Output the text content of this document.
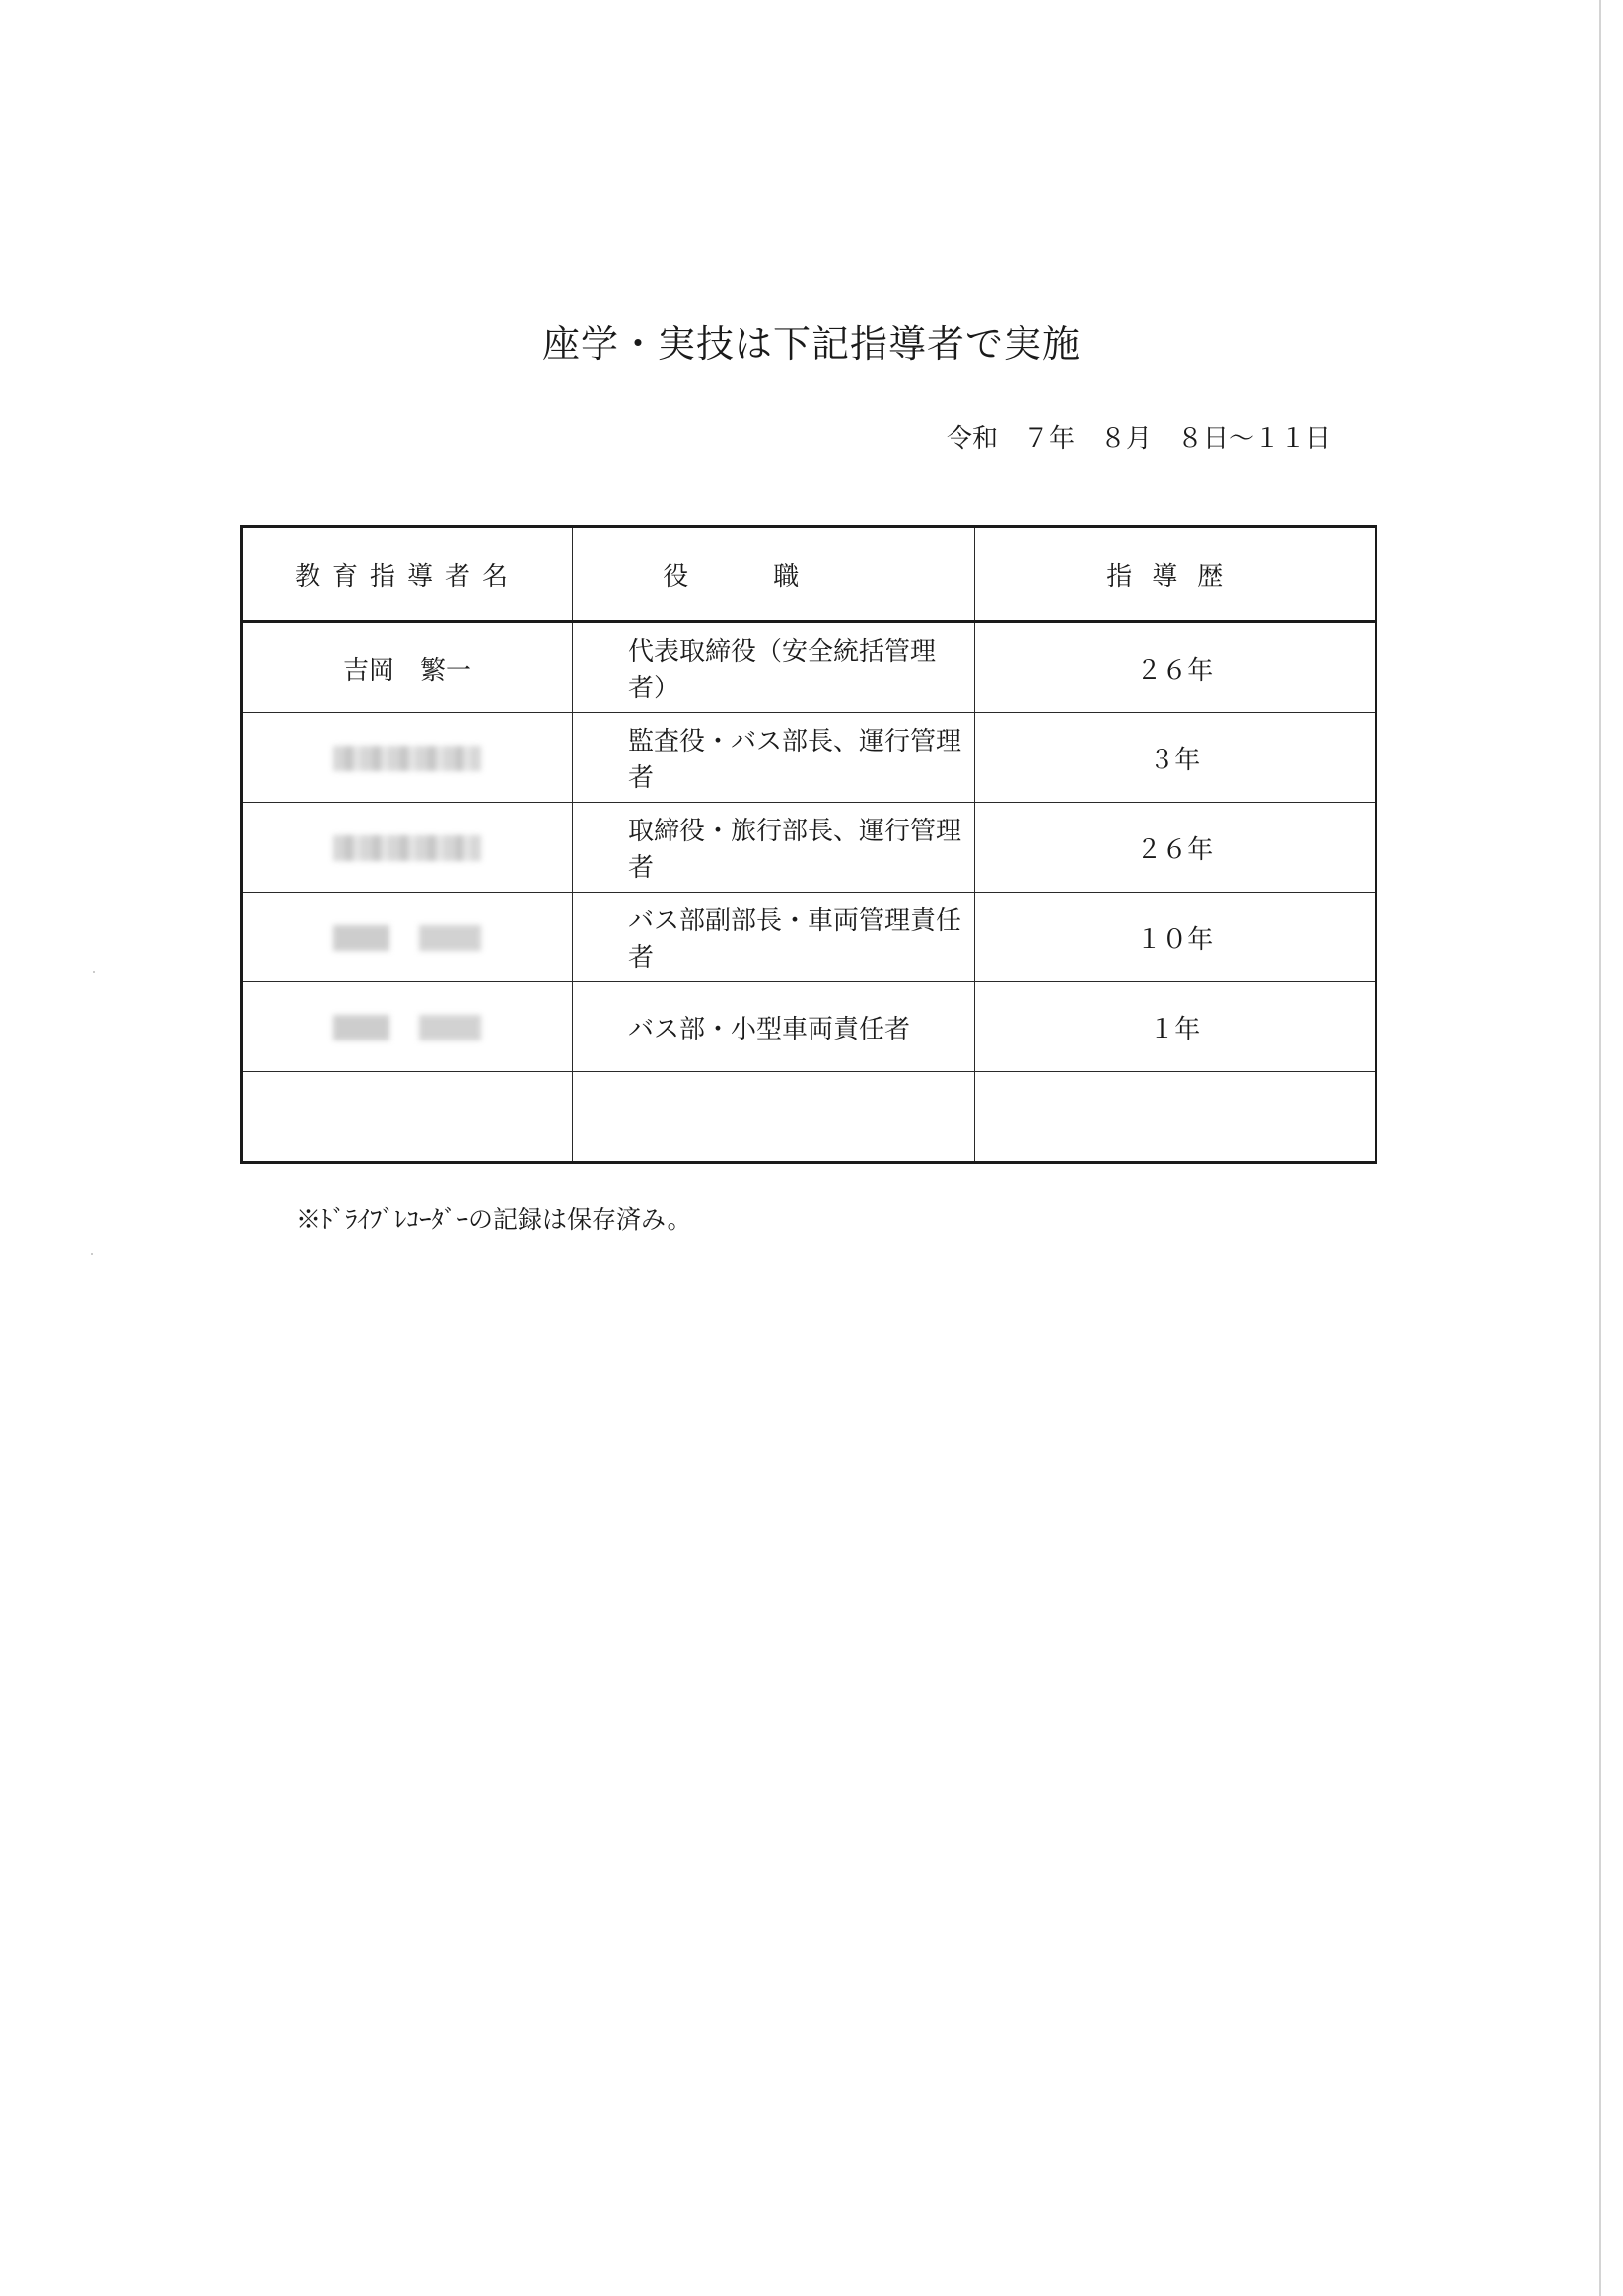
座学・実技は下記指導者で実施
令和　７年　８月　８日～１１日
教育指導者名	役職	指導歴
吉岡　繁一	代表取締役（安全統括管理者）	２６年
	監査役・バス部長、運行管理者	３年
	取締役・旅行部長、運行管理者	２６年
	バス部副部長・車両管理責任者	１０年
	バス部・小型車両責任者	１年

※ﾄﾞﾗｲﾌﾞﾚｺｰﾀﾞｰの記録は保存済み。
